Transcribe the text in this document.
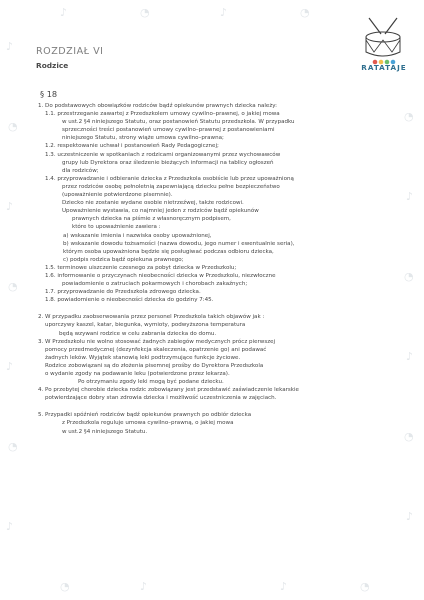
♪
◔
♪
◔
♪
◔
♪
◔
♪
◔
♪
◔
♪
♪	◔	♪	◔
◔	♪	♪	◔
ROZDZIAŁ VI
Rodzice	RATATAJE
§ 18
1. Do podstawowych obowiązków rodziców bądź opiekunów prawnych dziecka należy:
1.1. przestrzeganie zawartej z Przedszkolem umowy cywilno–prawnej, o jakiej mowa
w ust.2 §4 niniejszego Statutu, oraz postanowień Statutu przedszkola. W przypadku
sprzeczności treści postanowień umowy cywilno–prawnej z postanowieniami
niniejszego Statutu, strony wiąże umowa cywilno–prawna;
1.2. respektowanie uchwał i postanowień Rady Pedagogicznej;
1.3. uczestniczenie w spotkaniach z rodzicami organizowanymi przez wychowawców
grupy lub Dyrektora oraz śledzenie bieżących informacji na tablicy ogłoszeń
dla rodziców;
1.4. przyprowadzanie i odbieranie dziecka z Przedszkola osobiście lub przez upoważnioną
przez rodziców osobę pełnoletnią zapewniającą dziecku pełne bezpieczeństwo
(upoważnienie potwierdzone pisemnie).
Dziecko nie zostanie wydane osobie nietrzeźwej, także rodzicowi.
Upoważnienie wystawia, co najmniej jeden z rodziców bądź opiekunów
prawnych dziecka na piśmie z własnoręcznym podpisem,
które to upoważnienie zawiera :
a) wskazanie imienia i nazwiska osoby upoważnionej,
b) wskazanie dowodu tożsamości (nazwa dowodu, jego numer i ewentualnie seria),
którym osoba upoważniona będzie się posługiwać podczas odbioru dziecka,
c) podpis rodzica bądź opiekuna prawnego;
1.5. terminowe uiszczenie czesnego za pobyt dziecka w Przedszkolu;
1.6. informowanie o przyczynach nieobecności dziecka w Przedszkolu, niezwłoczne
powiadomienie o zatruciach pokarmowych i chorobach zakaźnych;
1.7. przyprowadzanie do Przedszkola zdrowego dziecka.
1.8. powiadomienie o nieobecności dziecka do godziny 7:45.
2. W przypadku zaobserwowania przez personel Przedszkola takich objawów jak :
uporczywy kaszel, katar, biegunka, wymioty, podwyższona temperatura
będą wzywani rodzice w celu zabrania dziecka do domu.
3. W Przedszkolu nie wolno stosować żadnych zabiegów medycznych prócz pierwszej
pomocy przedmedycznej (dezynfekcja skaleczenia, opatrzenie go) ani podawać
żadnych leków. Wyjątek stanowią leki podtrzymujące funkcje życiowe.
Rodzice zobowiązani są do złożenia pisemnej prośby do Dyrektora Przedszkola
o wydanie zgody na podawanie leku (potwierdzone przez lekarza).
Po otrzymaniu zgody leki mogą być podane dziecku.
4. Po przebytej chorobie dziecka rodzic zobowiązany jest przedstawić zaświadczenie lekarskie
potwierdzające dobry stan zdrowia dziecka i możliwość uczestniczenia w zajęciach.
5. Przypadki spóźnień rodziców bądź opiekunów prawnych po odbiór dziecka
z Przedszkola reguluje umowa cywilno–prawną, o jakiej mowa
w ust.2 §4 niniejszego Statutu.
